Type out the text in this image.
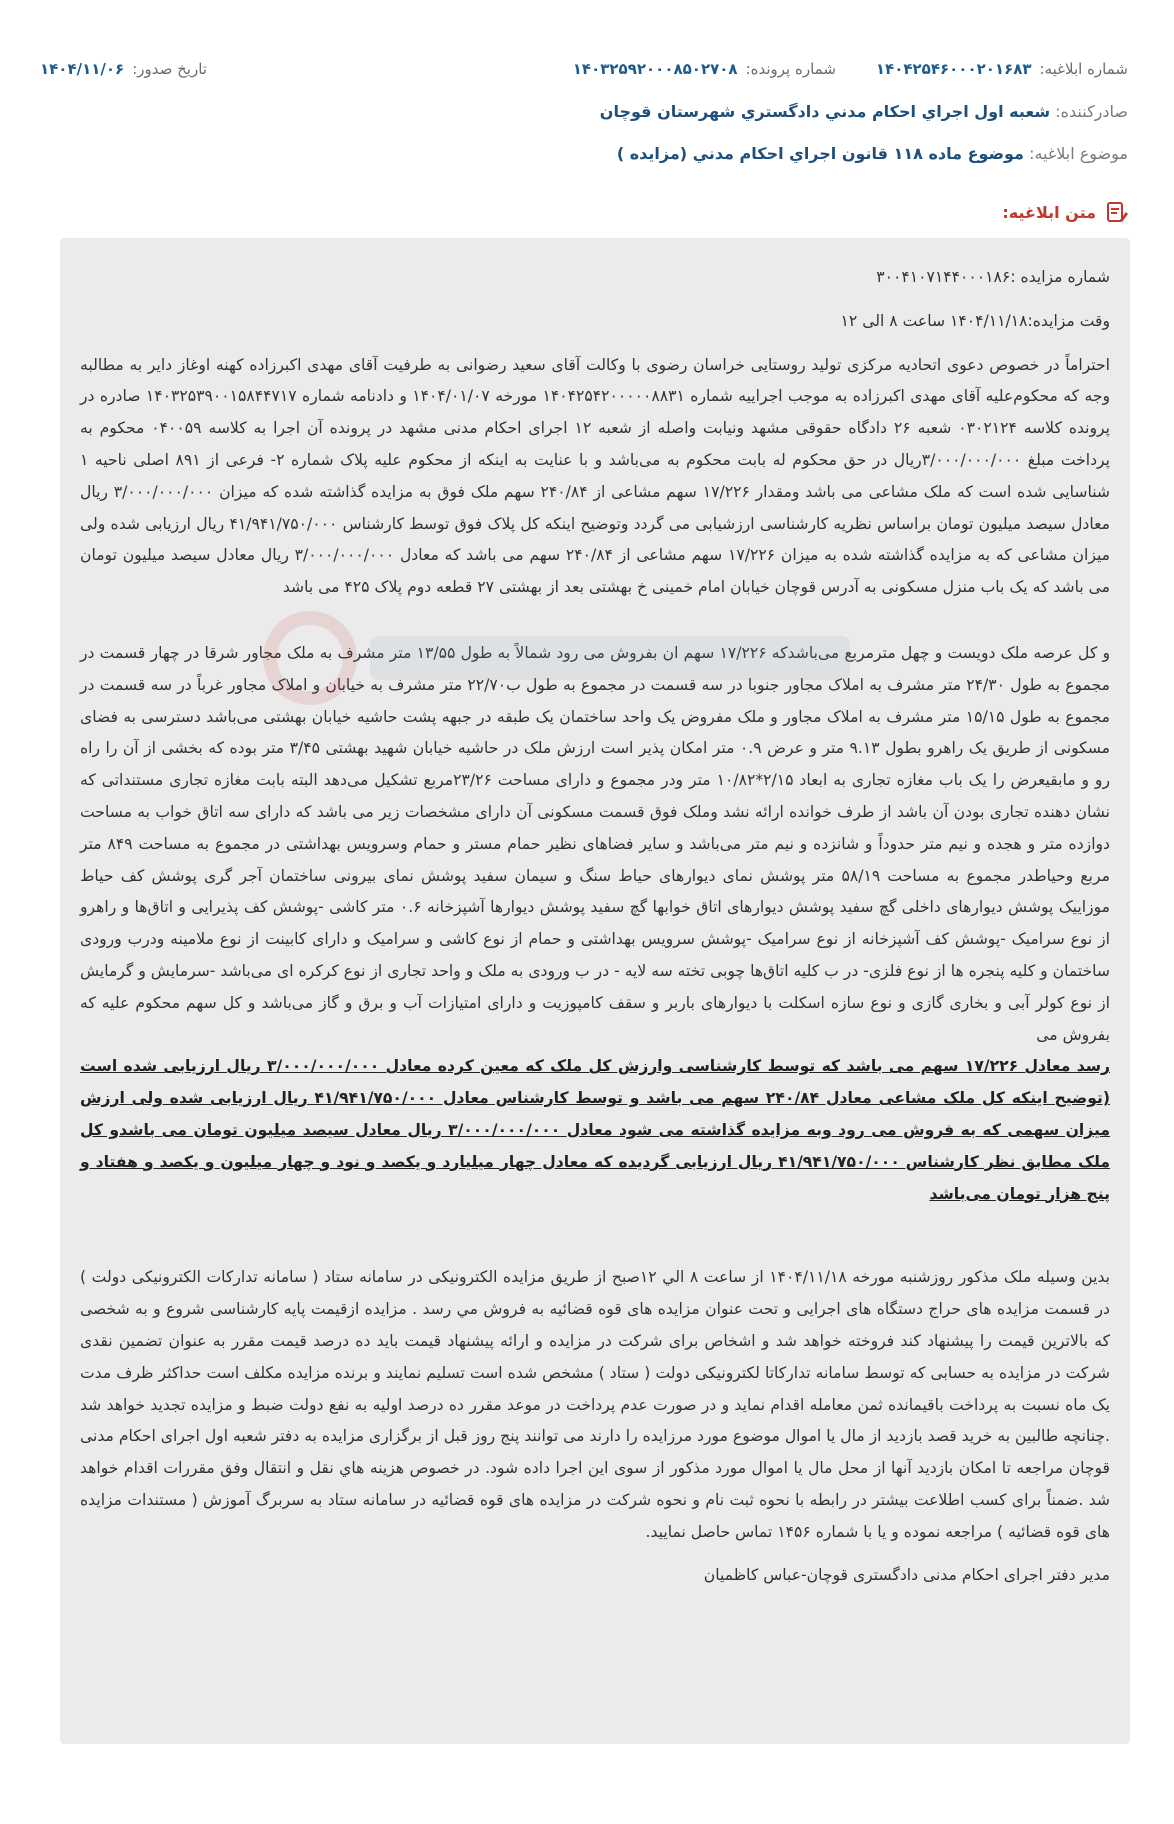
شماره ابلاغیه:
۱۴۰۴۲۵۴۶۰۰۰۲۰۱۶۸۳
شماره پرونده:
۱۴۰۳۲۵۹۲۰۰۰۸۵۰۲۷۰۸
تاریخ صدور:
۱۴۰۴/۱۱/۰۶
صادرکننده: شعبه اول اجراي احكام مدني دادگستري شهرستان قوچان
موضوع ابلاغیه: موضوع ماده ۱۱۸ قانون اجراي احكام مدني (مزايده )
متن ابلاغیه:

شماره مزایده :۳۰۰۴۱۰۷۱۴۴۰۰۰۱۸۶

وقت مزایده:۱۴۰۴/۱۱/۱۸ ساعت ۸ الی ۱۲

احتراماً در خصوص دعوی اتحادیه مرکزی تولید روستایی خراسان رضوی با وکالت آقای سعید رضوانی به طرفیت آقای مهدی اکبرزاده کهنه اوغاز دایر به مطالبه وجه که محکوم‌علیه آقای مهدی اکبرزاده به موجب اجراییه شماره ۱۴۰۴۲۵۴۲۰۰۰۰۰۸۸۳۱ مورخه ۱۴۰۴/۰۱/۰۷ و دادنامه شماره ۱۴۰۳۲۵۳۹۰۰۱۵۸۴۴۷۱۷ صادره در پرونده کلاسه ۰۳۰۲۱۲۴ شعبه ۲۶ دادگاه حقوقی مشهد ونیابت واصله از شعبه ۱۲ اجرای احکام مدنی مشهد در پرونده آن اجرا به کلاسه ۰۴۰۰۵۹ محکوم به پرداخت مبلغ ۳/۰۰۰/۰۰۰/۰۰۰ریال در حق محکوم له بابت محکوم به می‌باشد و با عنایت به اینکه از محکوم علیه پلاک شماره ۲- فرعی از ۸۹۱ اصلی ناحیه ۱ شناسایی شده است که ملک مشاعی می باشد ومقدار ۱۷/۲۲۶ سهم مشاعی از ۲۴۰/۸۴ سهم ملک فوق به مزایده گذاشته شده که میزان ۳/۰۰۰/۰۰۰/۰۰۰ ریال معادل سیصد میلیون تومان براساس نظریه کارشناسی ارزشیابی می گردد وتوضیح اینکه کل پلاک فوق توسط کارشناس ۴۱/۹۴۱/۷۵۰/۰۰۰ ریال ارزیابی شده ولی میزان مشاعی که به مزایده گذاشته شده به میزان ۱۷/۲۲۶ سهم مشاعی از ۲۴۰/۸۴ سهم می باشد که معادل ۳/۰۰۰/۰۰۰/۰۰۰ ریال معادل سیصد میلیون تومان می باشد که یک باب منزل مسکونی به آدرس قوچان خیابان امام خمینی خ بهشتی بعد از بهشتی ۲۷ قطعه دوم پلاک ۴۲۵ می باشد

و کل عرصه ملک دویست و چهل مترمربع می‌باشدکه ۱۷/۲۲۶ سهم ان بفروش می رود شمالاً به طول ۱۳/۵۵ متر مشرف به ملک مجاور شرقا در چهار قسمت در مجموع به طول ۲۴/۳۰ متر مشرف به املاک مجاور جنوبا در سه قسمت در مجموع به طول ب۲۲/۷۰ متر مشرف به خیابان و املاک مجاور غرباً در سه قسمت در مجموع به طول ۱۵/۱۵ متر مشرف به املاک مجاور و ملک مفروض یک واحد ساختمان یک طبقه در جبهه پشت حاشیه خیابان بهشتی می‌باشد دسترسی به فضای مسکونی از طریق یک راهرو بطول ۹.۱۳ متر و عرض ۰.۹ متر امکان پذیر است ارزش ملک در حاشیه خیابان شهید بهشتی ۳/۴۵ متر بوده که بخشی از آن را راه رو و مابقیعرض را یک باب مغازه تجاری به ابعاد ۲/۱۵*۱۰/۸۲ متر ودر مجموع و دارای مساحت ۲۳/۲۶مربع تشکیل می‌دهد البته بابت مغازه تجاری مستنداتی که نشان دهنده تجاری بودن آن باشد از طرف خوانده ارائه نشد وملک فوق قسمت مسکونی آن دارای مشخصات زیر می باشد که دارای سه اتاق خواب به مساحت دوازده متر و هجده و نیم متر حدوداً و شانزده و نیم متر می‌باشد و سایر فضاهای نظیر حمام مستر و حمام وسرویس بهداشتی در مجموع به مساحت ۸۴۹ متر مربع وحیاطدر مجموع به مساحت ۵۸/۱۹ متر پوشش نمای دیوارهای حیاط سنگ و سیمان سفید پوشش نمای بیرونی ساختمان آجر گری پوشش کف حیاط موزاییک پوشش دیوارهای داخلی گچ سفید پوشش دیوارهای اتاق خوابها گچ سفید پوشش دیوارها آشپزخانه ۰.۶ متر کاشی -پوشش کف پذیرایی و اتاق‌ها و راهرو از نوع سرامیک -پوشش کف آشپزخانه از نوع سرامیک -پوشش سرویس بهداشتی و حمام از نوع کاشی و سرامیک و دارای کابینت از نوع ملامینه ودرب ورودی ساختمان و کلیه پنجره ها از نوع فلزی- در ب کلیه اتاق‌ها چوبی تخته سه لایه - در ب ورودی به ملک و واحد تجاری از نوع کرکره ای می‌باشد -سرمایش و گرمایش از نوع کولر آبی و بخاری گازی و نوع سازه اسکلت با دیوارهای باربر و سقف کامپوزیت و دارای امتیازات آب و برق و گاز می‌باشد و کل سهم محکوم علیه که بفروش می

رسد معادل ۱۷/۲۲۶ سهم می باشد که توسط کارشناسی وارزش کل ملک که معین کرده معادل ۳/۰۰۰/۰۰۰/۰۰۰ ریال ارزیابی شده است (توضیح اینکه کل ملک مشاعی معادل ۲۴۰/۸۴ سهم می باشد و توسط کارشناس معادل ۴۱/۹۴۱/۷۵۰/۰۰۰ ریال ارزیابی شده ولی ارزش میزان سهمی که به فروش می رود وبه مزایده گذاشته می شود معادل ۳/۰۰۰/۰۰۰/۰۰۰ ریال معادل سیصد میلیون تومان می باشدو کل ملک مطابق نظر کارشناس ۴۱/۹۴۱/۷۵۰/۰۰۰ ریال ارزیابی گردیده که معادل چهار میلیارد و یکصد و نود و چهار میلیون و یکصد و هفتاد و پنج هزار تومان می‌باشد

بدین وسیله ملک مذکور روزشنبه مورخه ۱۴۰۴/۱۱/۱۸ از ساعت ۸ الي ۱۲صبح از طریق مزایده الکترونیکی در سامانه ستاد ( سامانه تدارکات الکترونیکی دولت ) در قسمت مزایده های حراج دستگاه های اجرایی و تحت عنوان مزایده های قوه قضائیه به فروش مي رسد . مزایده ازقیمت پایه کارشناسی شروع و به شخصی که بالاترین قیمت را پیشنهاد کند فروخته خواهد شد و اشخاص برای شرکت در مزایده و ارائه پیشنهاد قیمت باید ده درصد قیمت مقرر به عنوان تضمین نقدی شرکت در مزایده به حسابی که توسط سامانه تدارکاتا لکترونیکی دولت ( ستاد ) مشخص شده است تسلیم نمایند و برنده مزایده مکلف است حداکثر ظرف مدت یک ماه نسبت به پرداخت باقیمانده ثمن معامله اقدام نماید و در صورت عدم پرداخت در موعد مقرر ده درصد اولیه به نفع دولت ضبط و مزایده تجدید خواهد شد .چنانچه طالبین به خرید قصد بازدید از مال یا اموال موضوع مورد مرزایده را دارند می توانند پنج روز قبل از برگزاری مزایده به دفتر شعبه اول اجرای احکام مدنی قوچان مراجعه تا امکان بازدید آنها از محل مال یا اموال مورد مذکور از سوی این اجرا داده شود. در خصوص هزینه هاي نقل و انتقال وفق مقررات اقدام خواهد شد .ضمناً برای کسب اطلاعت بیشتر در رابطه با نحوه ثبت نام و نحوه شرکت در مزایده های قوه قضائیه در سامانه ستاد به سربرگ آموزش ( مستندات مزایده های قوه قضائیه ) مراجعه نموده و یا با شماره ۱۴۵۶ تماس حاصل نمایید.

مدیر دفتر اجرای احکام مدنی دادگستری قوچان-عباس کاظمیان
